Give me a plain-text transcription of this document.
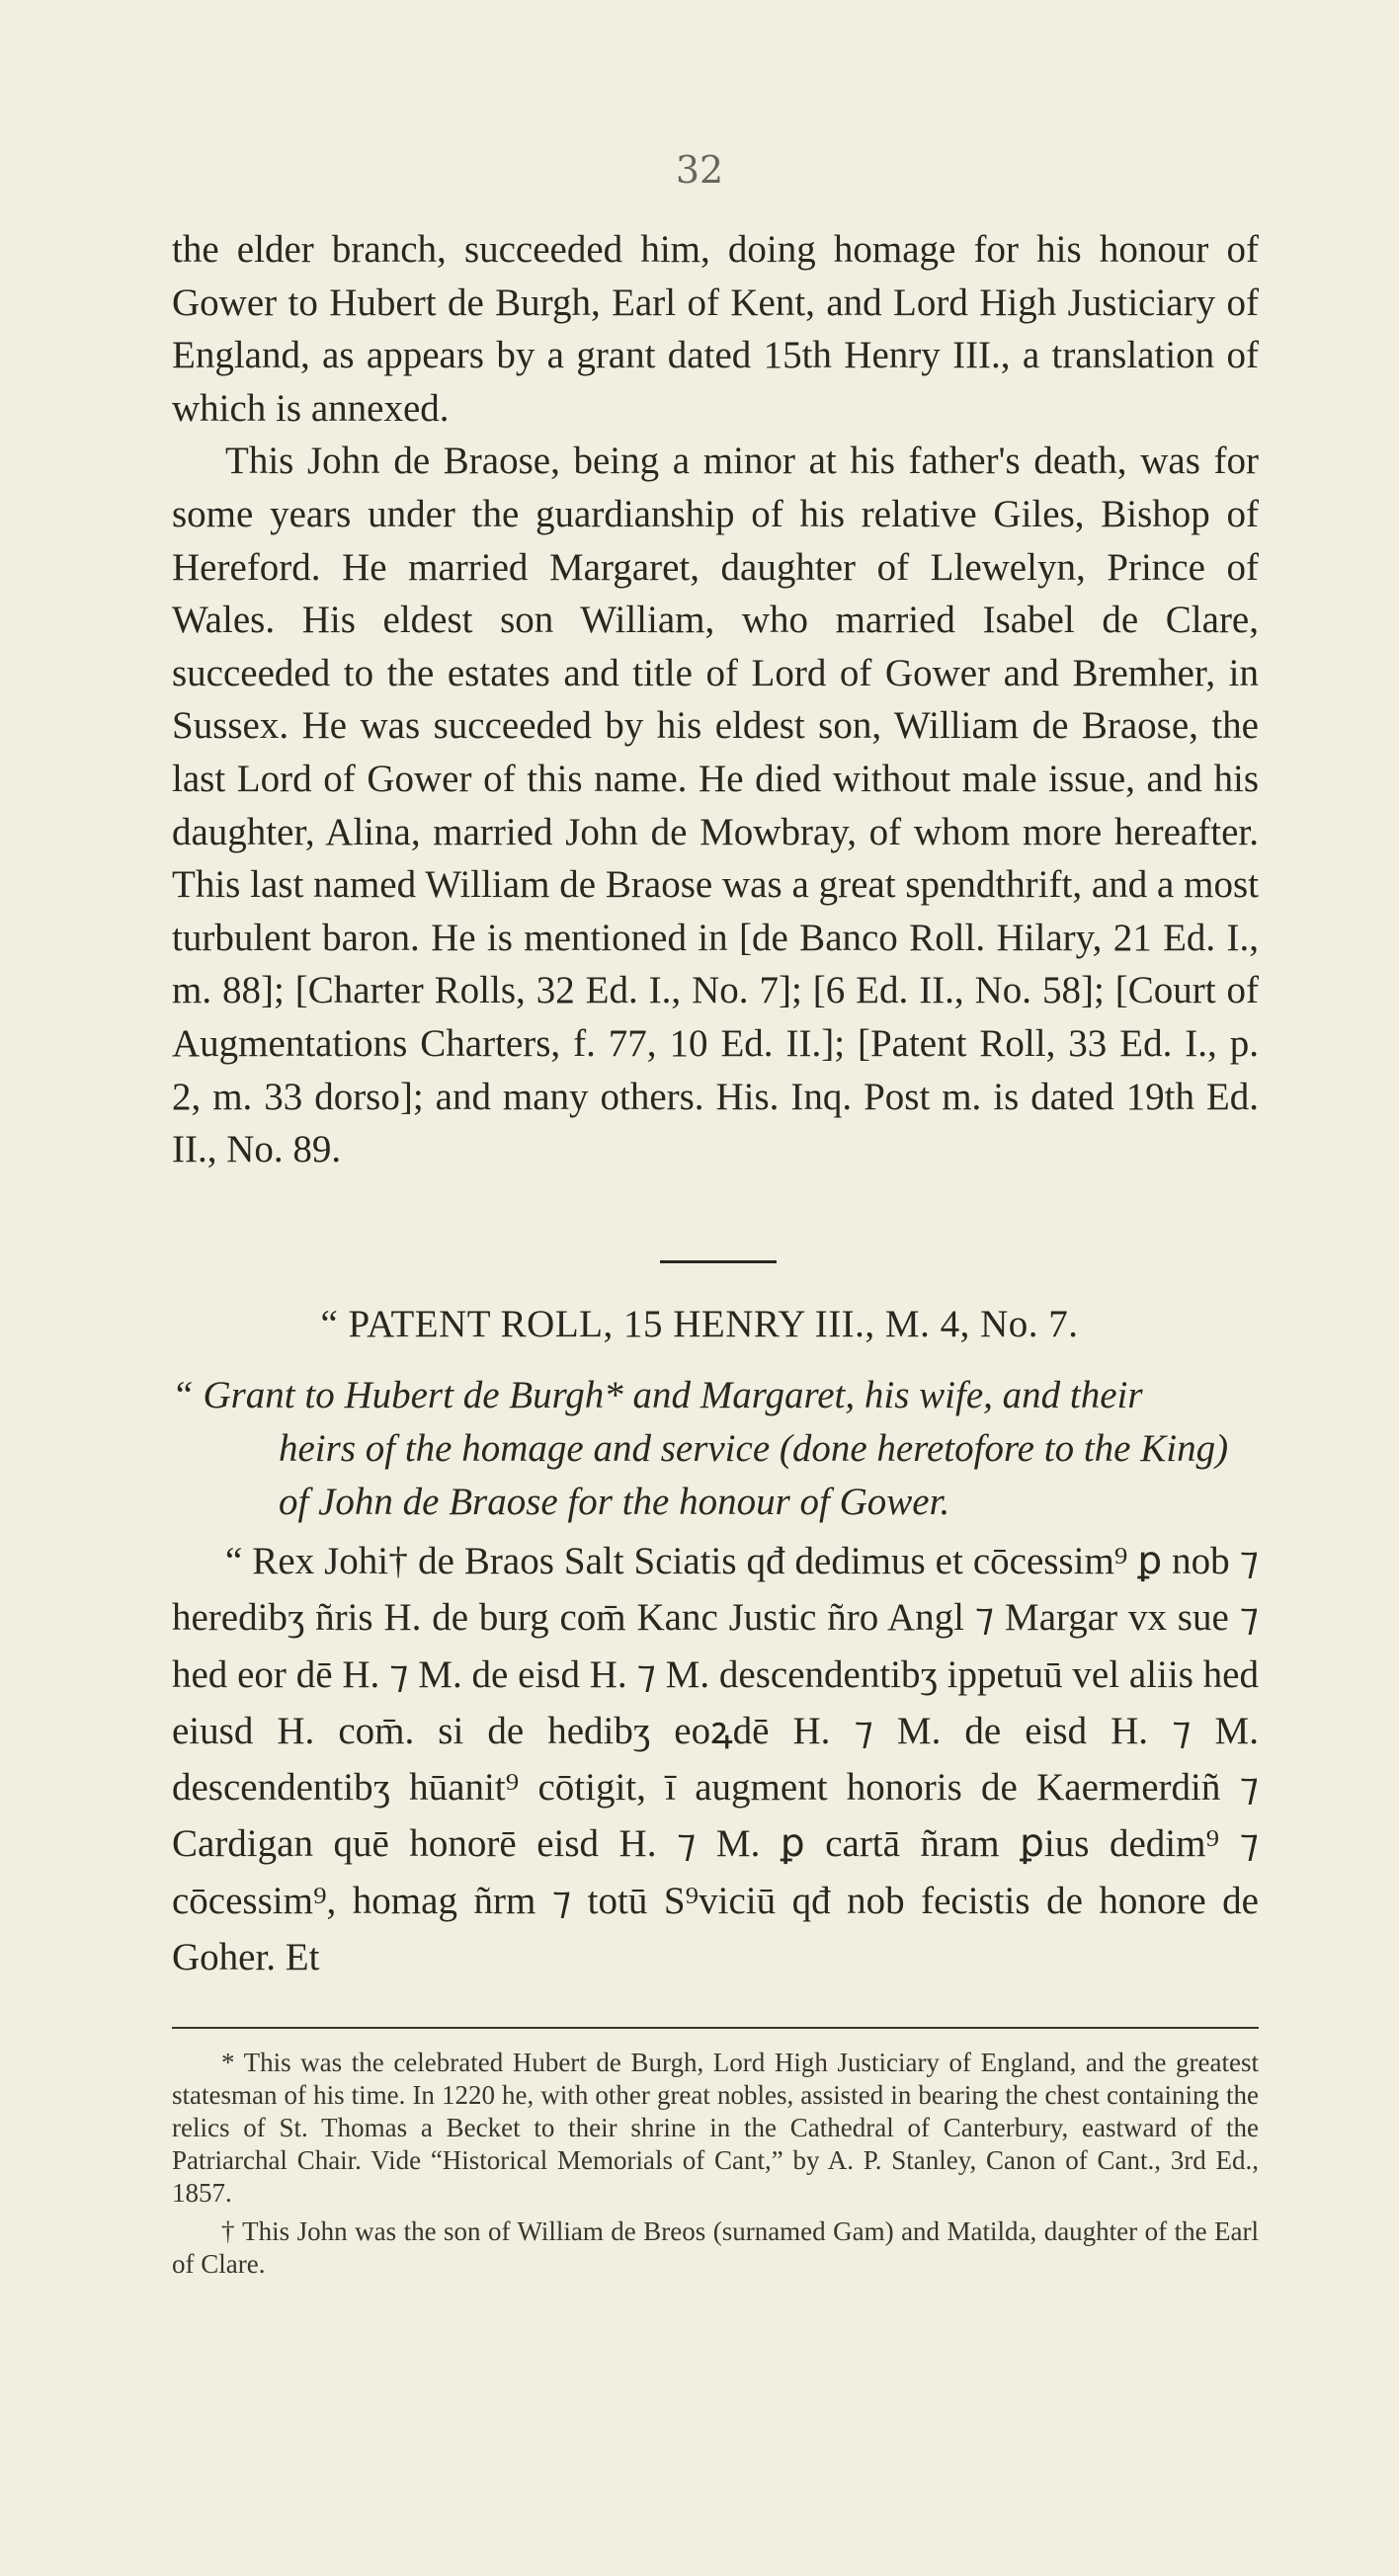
32

the elder branch, succeeded him, doing homage for his honour of Gower to Hubert de Burgh, Earl of Kent, and Lord High Justiciary of England, as appears by a grant dated 15th Henry III., a translation of which is annexed.

This John de Braose, being a minor at his father's death, was for some years under the guardianship of his relative Giles, Bishop of Hereford. He married Margaret, daughter of Llewelyn, Prince of Wales. His eldest son William, who married Isabel de Clare, succeeded to the estates and title of Lord of Gower and Bremher, in Sussex. He was succeeded by his eldest son, William de Braose, the last Lord of Gower of this name. He died without male issue, and his daughter, Alina, married John de Mowbray, of whom more hereafter. This last named William de Braose was a great spendthrift, and a most turbulent baron. He is mentioned in [de Banco Roll. Hilary, 21 Ed. I., m. 88]; [Charter Rolls, 32 Ed. I., No. 7]; [6 Ed. II., No. 58]; [Court of Augmentations Charters, f. 77, 10 Ed. II.]; [Patent Roll, 33 Ed. I., p. 2, m. 33 dorso]; and many others. His. Inq. Post m. is dated 19th Ed. II., No. 89.

“ PATENT ROLL, 15 HENRY III., M. 4, No. 7.
“ Grant to Hubert de Burgh* and Margaret, his wife, and their
heirs of the homage and service (done heretofore to the King) of John de Braose for the honour of Gower.
“ Rex Johi† de Braos Salt Sciatis qđ dedimus et cōcessim⁹ ꝑ nob ⁊ heredibʒ ñris H. de burg com̄ Kanc Justic ñro Angl ⁊ Margar vx sue ⁊ hed eor dē H. ⁊ M. de eisd H. ⁊ M. descendentibʒ ippetuū vel aliis hed eiusd H. com̄. si de hedibʒ eoꝝdē H. ⁊ M. de eisd H. ⁊ M. descendentibʒ hūanit⁹ cōtigit, ī augment honoris de Kaermerdiñ ⁊ Cardigan quē honorē eisd H. ⁊ M. ꝑ cartā ñram ꝑius dedim⁹ ⁊ cōcessim⁹, homag ñrm ⁊ totū S⁹viciū qđ nob fecistis de honore de Goher. Et

* This was the celebrated Hubert de Burgh, Lord High Justiciary of England, and the greatest statesman of his time. In 1220 he, with other great nobles, assisted in bearing the chest containing the relics of St. Thomas a Becket to their shrine in the Cathedral of Canterbury, eastward of the Patriarchal Chair. Vide “Historical Memorials of Cant,” by A. P. Stanley, Canon of Cant., 3rd Ed., 1857.

† This John was the son of William de Breos (surnamed Gam) and Matilda, daughter of the Earl of Clare.
